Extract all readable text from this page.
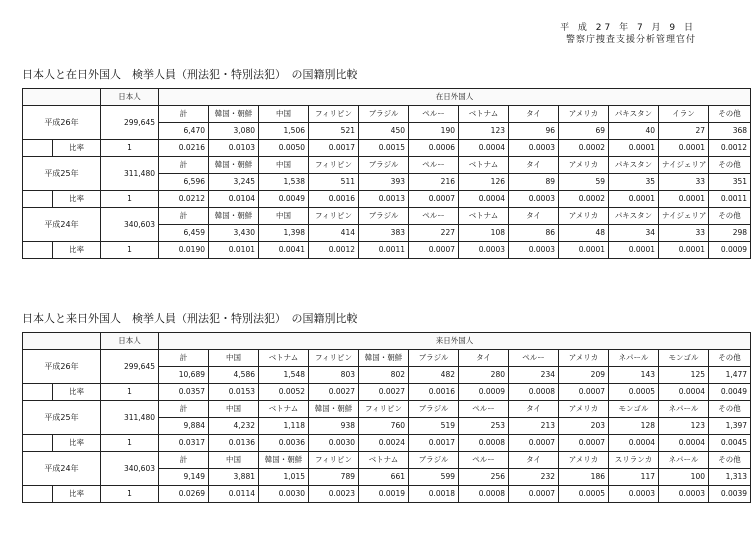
平 成 27 年 7 月 9 日
警察庁捜査支援分析管理官付
日本人と在日外国人　検挙人員（刑法犯・特別法犯）　の国籍別比較
		日本人	在日外国人											
平成26年		299,645	計	韓国・朝鮮	中国	フィリピン	ブラジル	ペルー	ベトナム	タイ	アメリカ	パキスタン	イラン	その他
			6,470	3,080	1,506	521	450	190	123	96	69	40	27	368
	比率	1	0.0216	0.0103	0.0050	0.0017	0.0015	0.0006	0.0004	0.0003	0.0002	0.0001	0.0001	0.0012
平成25年		311,480	計	韓国・朝鮮	中国	フィリピン	ブラジル	ペルー	ベトナム	タイ	アメリカ	パキスタン	ナイジェリア	その他
			6,596	3,245	1,538	511	393	216	126	89	59	35	33	351
	比率	1	0.0212	0.0104	0.0049	0.0016	0.0013	0.0007	0.0004	0.0003	0.0002	0.0001	0.0001	0.0011
平成24年		340,603	計	韓国・朝鮮	中国	フィリピン	ブラジル	ペルー	ベトナム	タイ	アメリカ	パキスタン	ナイジェリア	その他
			6,459	3,430	1,398	414	383	227	108	86	48	34	33	298
	比率	1	0.0190	0.0101	0.0041	0.0012	0.0011	0.0007	0.0003	0.0003	0.0001	0.0001	0.0001	0.0009
日本人と来日外国人　検挙人員（刑法犯・特別法犯）　の国籍別比較
		日本人	来日外国人											
平成26年		299,645	計	中国	ベトナム	フィリピン	韓国・朝鮮	ブラジル	タイ	ペルー	アメリカ	ネパール	モンゴル	その他
			10,689	4,586	1,548	803	802	482	280	234	209	143	125	1,477
	比率	1	0.0357	0.0153	0.0052	0.0027	0.0027	0.0016	0.0009	0.0008	0.0007	0.0005	0.0004	0.0049
平成25年		311,480	計	中国	ベトナム	韓国・朝鮮	フィリピン	ブラジル	ペルー	タイ	アメリカ	モンゴル	ネパール	その他
			9,884	4,232	1,118	938	760	519	253	213	203	128	123	1,397
	比率	1	0.0317	0.0136	0.0036	0.0030	0.0024	0.0017	0.0008	0.0007	0.0007	0.0004	0.0004	0.0045
平成24年		340,603	計	中国	韓国・朝鮮	フィリピン	ベトナム	ブラジル	ペルー	タイ	アメリカ	スリランカ	ネパール	その他
			9,149	3,881	1,015	789	661	599	256	232	186	117	100	1,313
	比率	1	0.0269	0.0114	0.0030	0.0023	0.0019	0.0018	0.0008	0.0007	0.0005	0.0003	0.0003	0.0039
